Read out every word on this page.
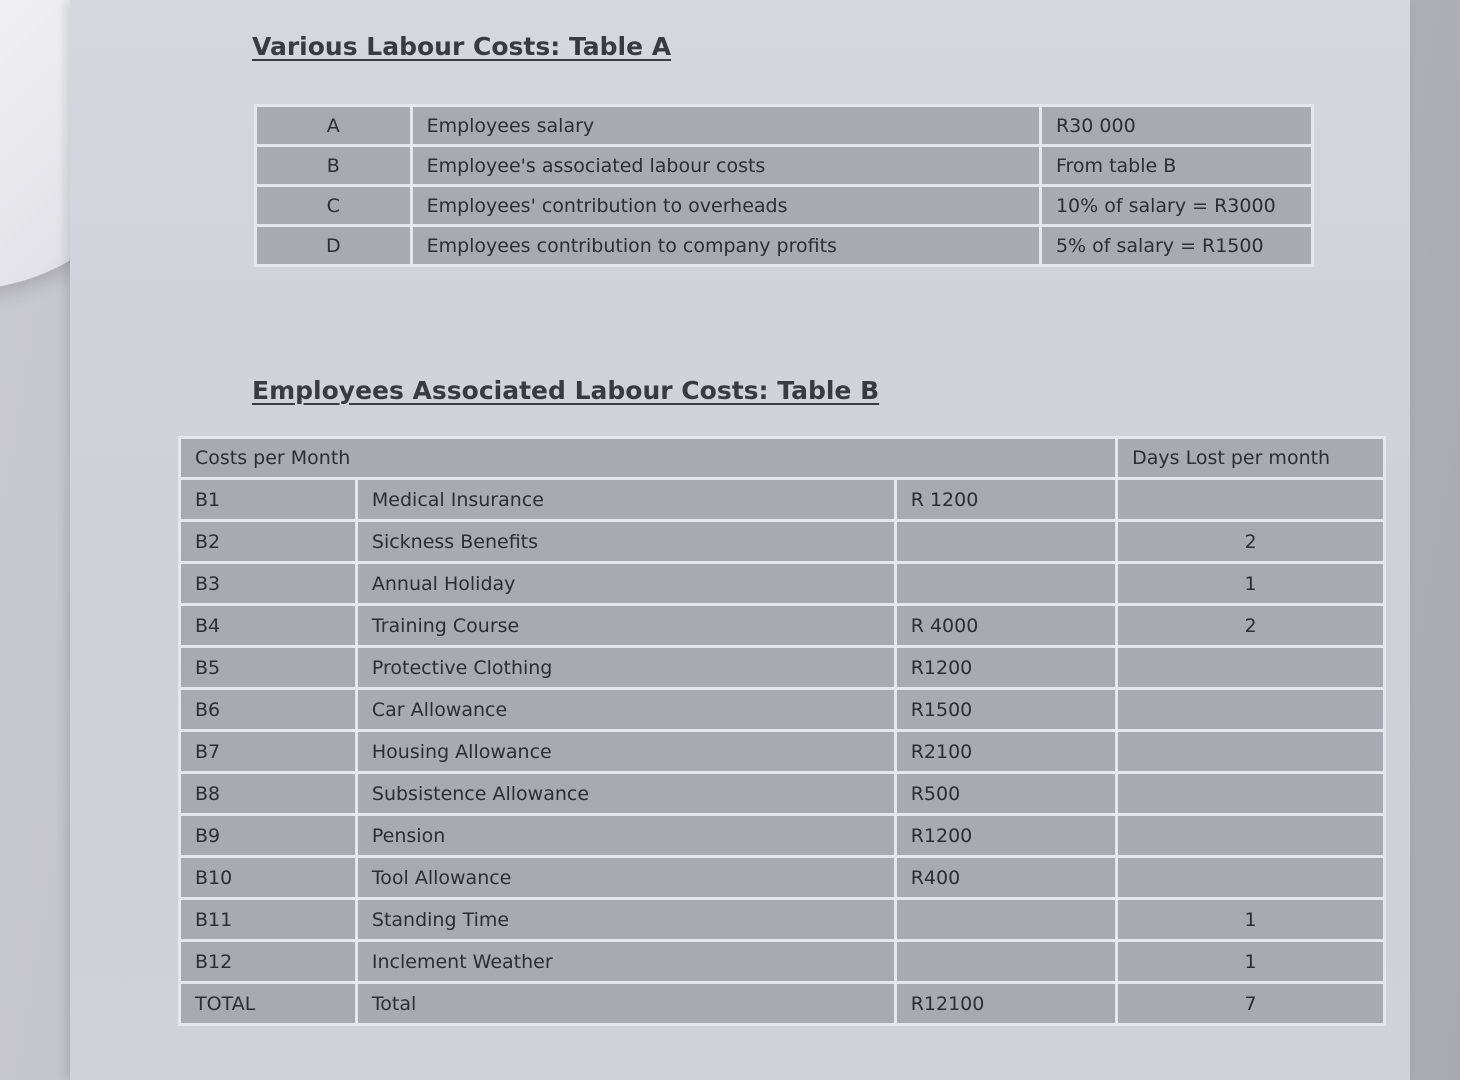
Various Labour Costs: Table A
A	Employees salary	R30 000
B	Employee's associated labour costs	From table B
C	Employees' contribution to overheads	10% of salary = R3000
D	Employees contribution to company profits	5% of salary = R1500
Employees Associated Labour Costs: Table B
Costs per Month			Days Lost per month
B1	Medical Insurance	R 1200	
B2	Sickness Benefits		2
B3	Annual Holiday		1
B4	Training Course	R 4000	2
B5	Protective Clothing	R1200	
B6	Car Allowance	R1500	
B7	Housing Allowance	R2100	
B8	Subsistence Allowance	R500	
B9	Pension	R1200	
B10	Tool Allowance	R400	
B11	Standing Time		1
B12	Inclement Weather		1
TOTAL	Total	R12100	7
